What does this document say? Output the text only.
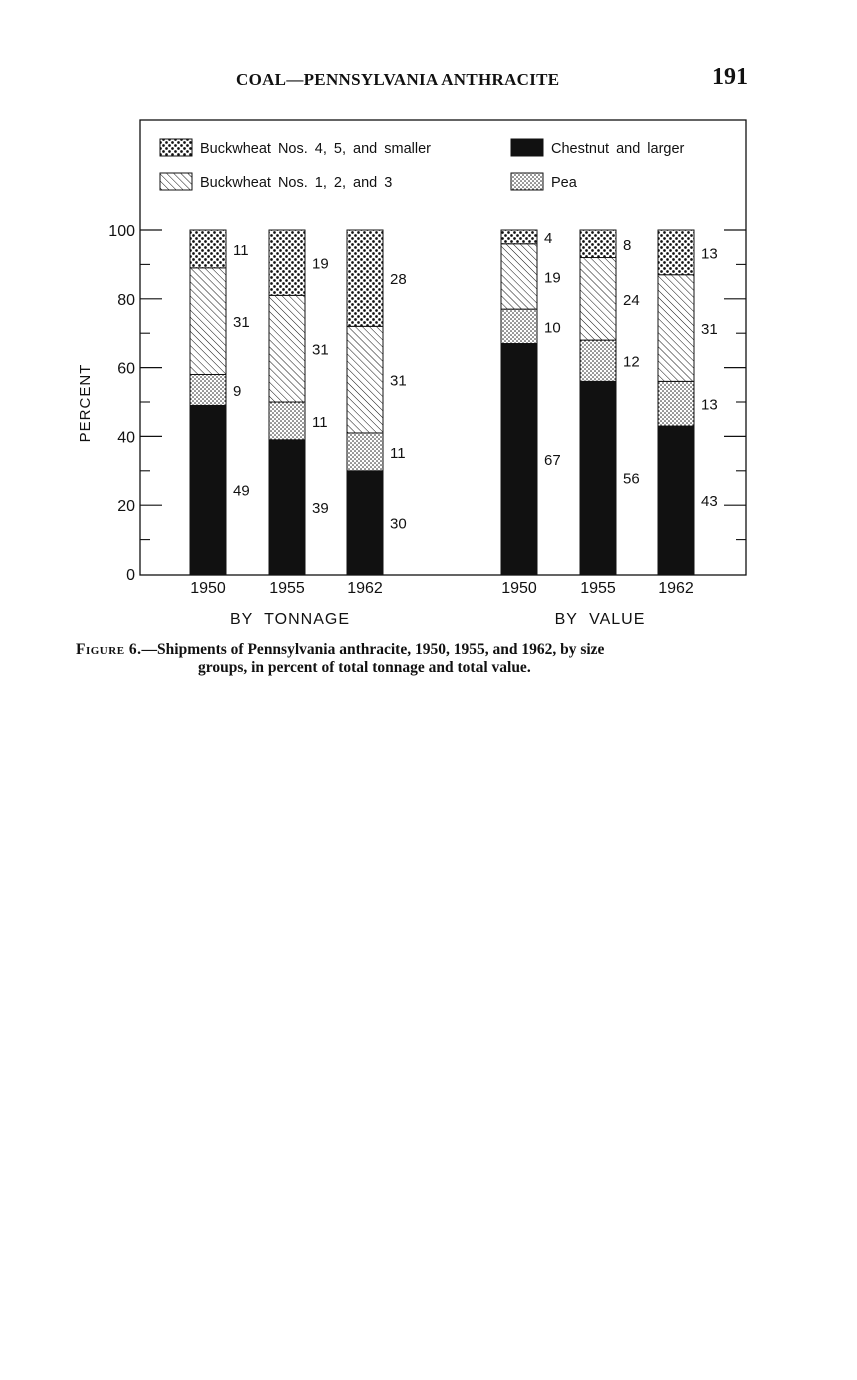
COAL—PENNSYLVANIA ANTHRACITE	191
Buckwheat Nos. 4, 5, and smaller	Chestnut and larger
Buckwheat Nos. 1, 2, and 3	Pea
0
20
40
60
80
100
49
9
31
11
1950
39
11
31
19
1955
30
11
31
28
1962
BY TONNAGE
67
10
19
4
1950
56
12
24
8
1955
43
13
31
13
1962
BY VALUE
PERCENT
Figure 6.—Shipments of Pennsylvania anthracite, 1950, 1955, and 1962, by size
groups, in percent of total tonnage and total value.
